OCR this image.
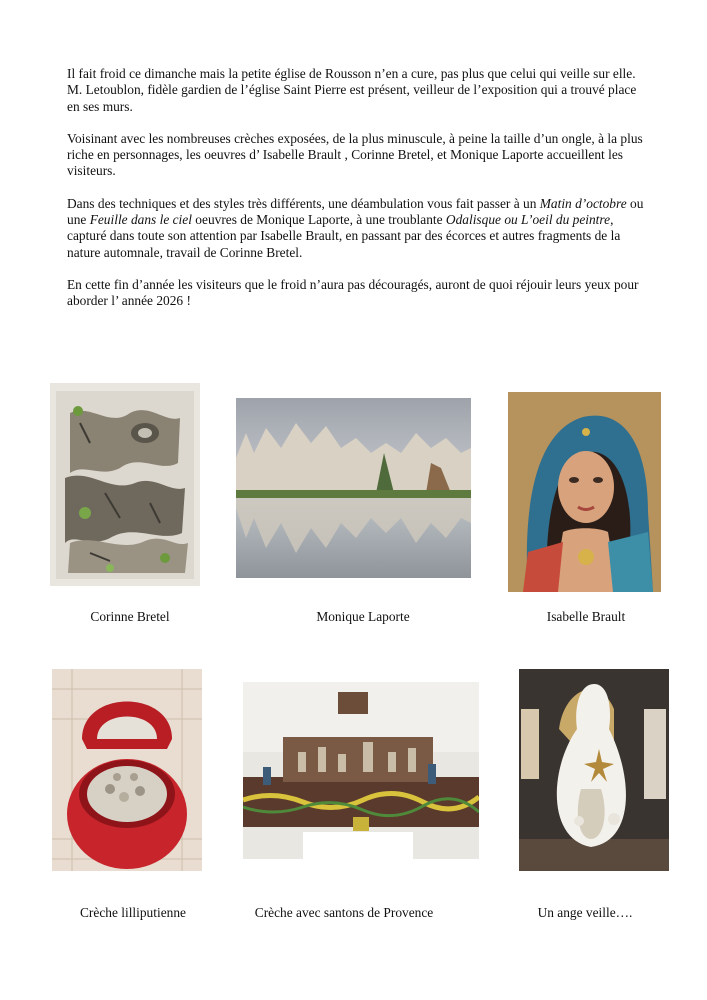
Il fait froid ce dimanche mais la petite église de Rousson n’en a cure, pas plus que celui qui veille sur elle.
M. Letoublon, fidèle gardien de l’église Saint Pierre est présent, veilleur de l’exposition qui a trouvé place en ses murs.

Voisinant avec les nombreuses crèches exposées, de la plus minuscule, à peine la taille d’un ongle, à la plus riche en personnages, les oeuvres d’ Isabelle Brault , Corinne Bretel, et Monique Laporte accueillent les visiteurs.

Dans des techniques et des styles très différents, une déambulation vous fait passer à un Matin d’octobre ou une Feuille dans le ciel oeuvres de Monique Laporte, à une troublante Odalisque ou L’oeil du peintre, capturé dans toute son attention par Isabelle Brault, en passant par des écorces et autres fragments de la nature automnale, travail de Corinne Bretel.

En cette fin d’année les visiteurs que le froid n’aura pas découragés, auront de quoi réjouir leurs yeux pour aborder l’ année 2026 !

Corinne Bretel	Monique Laporte	Isabelle Brault
Crèche lilliputienne	Crèche avec santons de Provence	Un ange veille….
